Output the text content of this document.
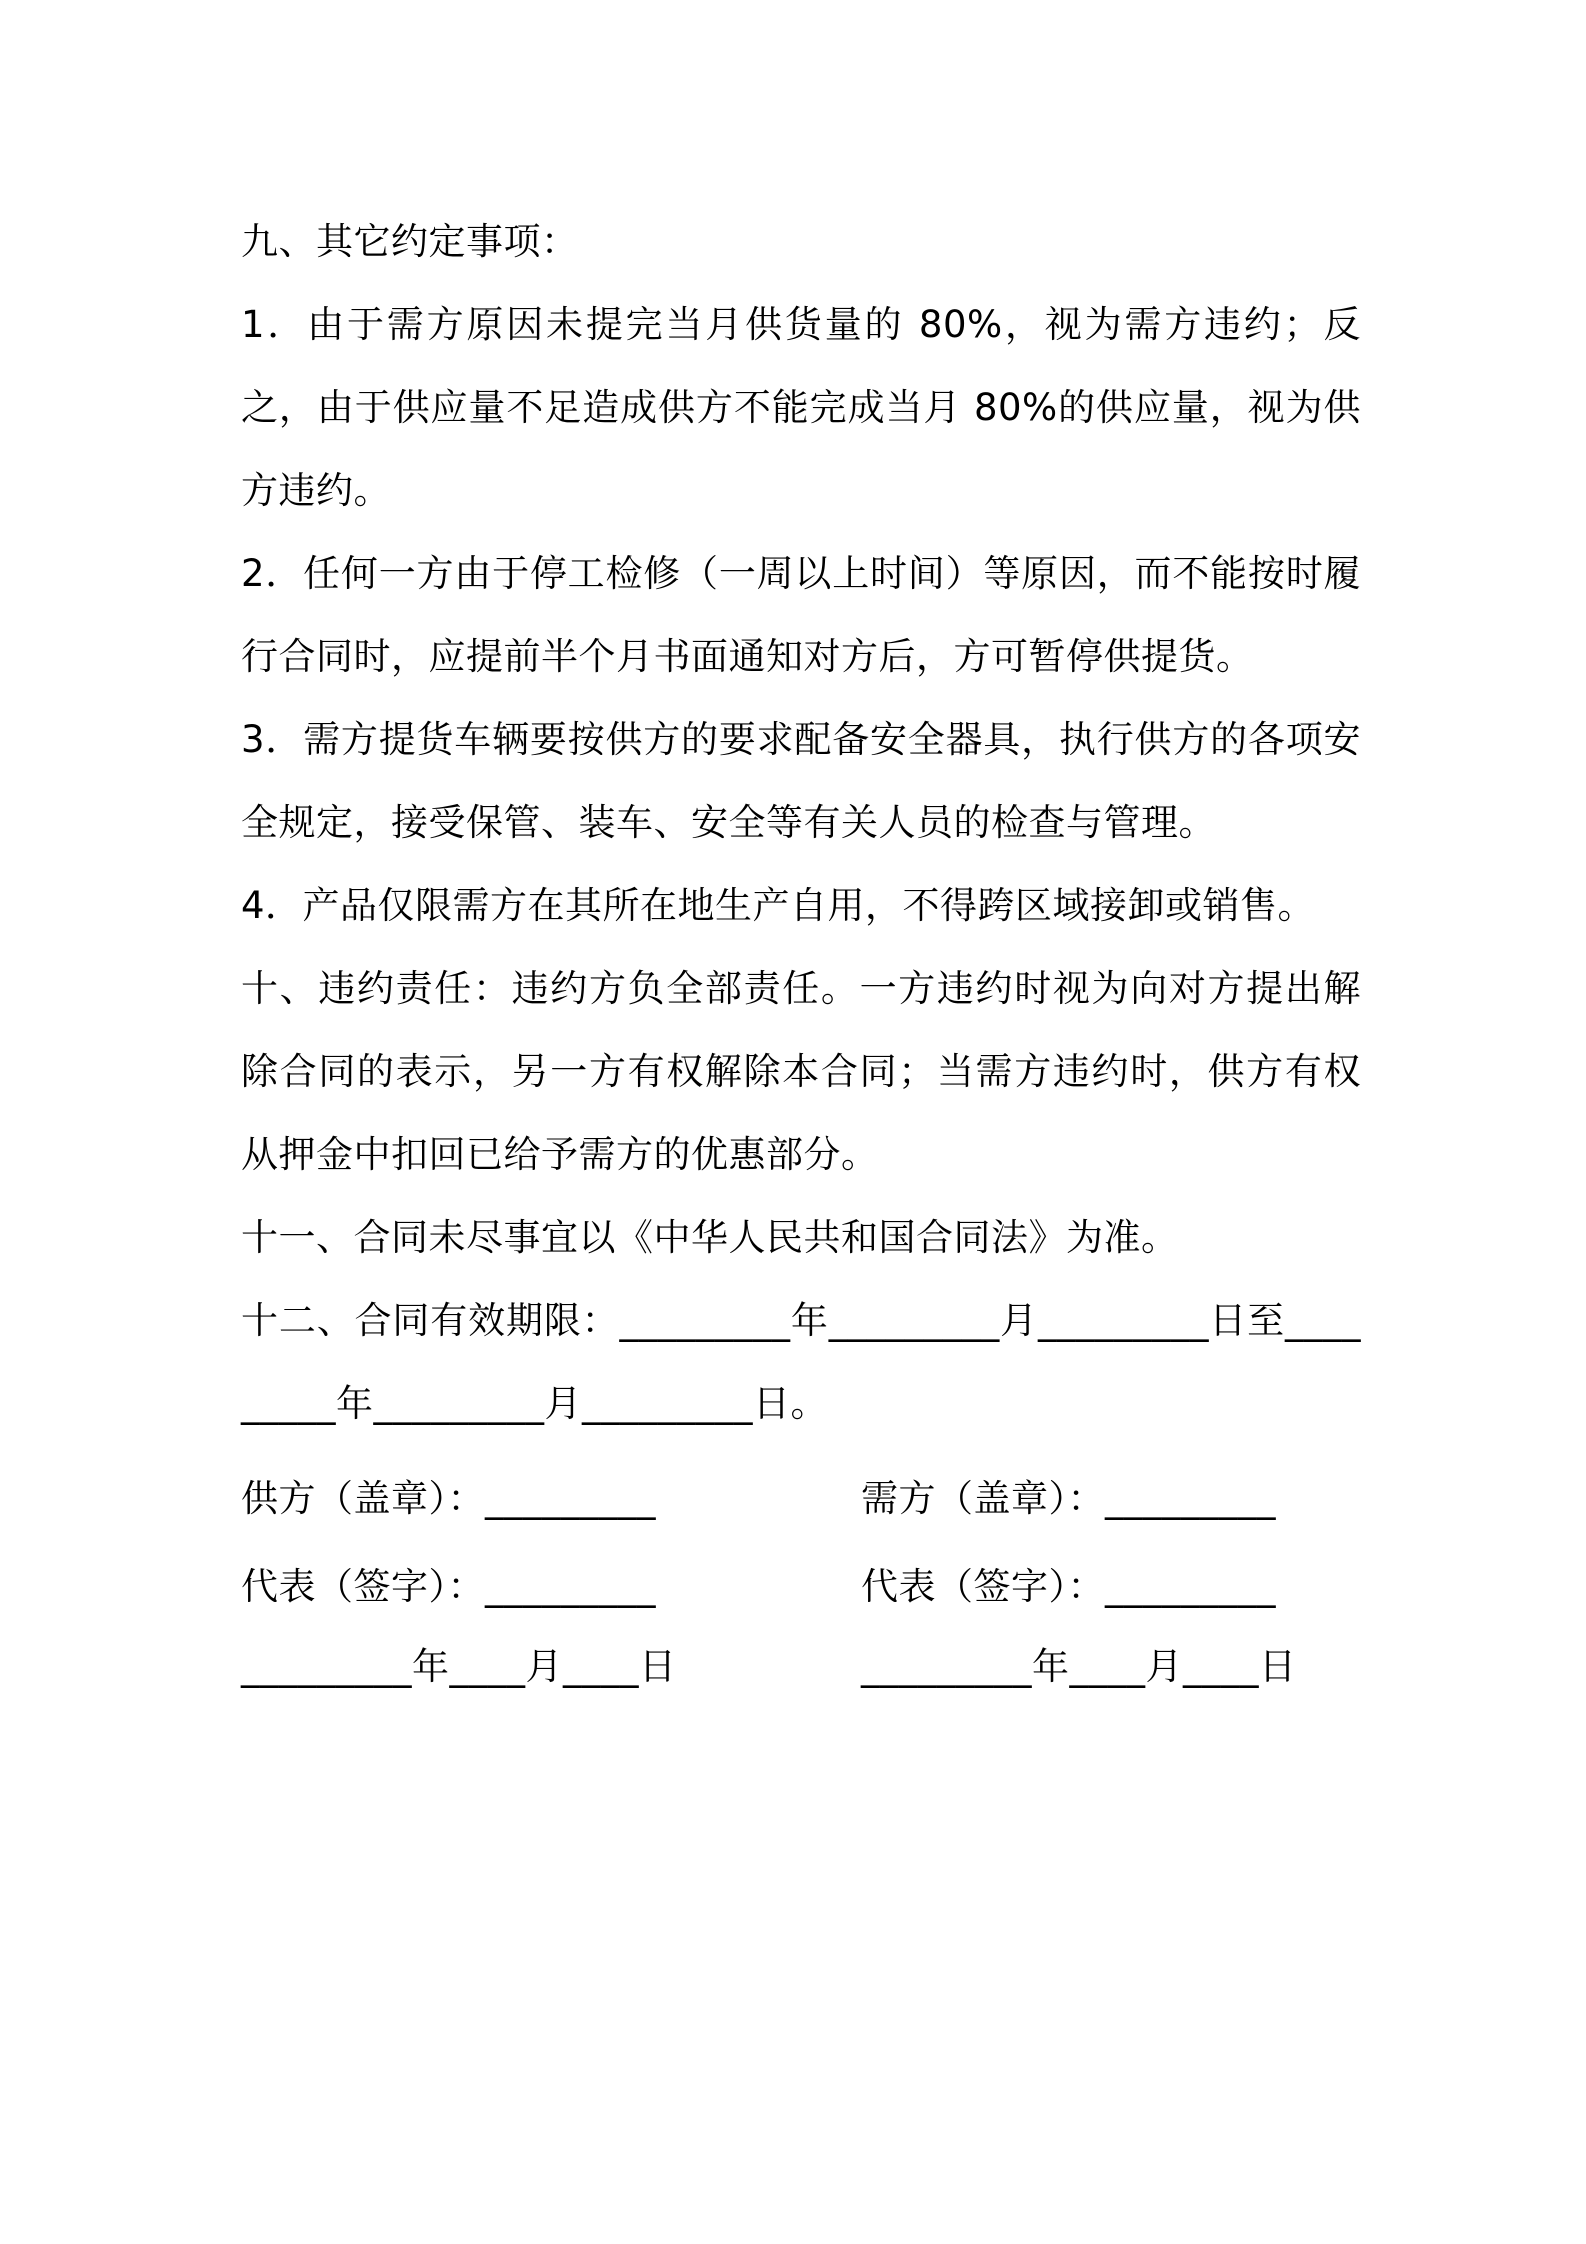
九、其它约定事项：

1．由于需方原因未提完当月供货量的 80%，视为需方违约；反之，由于供应量不足造成供方不能完成当月 80%的供应量，视为供方违约。

2．任何一方由于停工检修（一周以上时间）等原因，而不能按时履行合同时，应提前半个月书面通知对方后，方可暂停供提货。

3．需方提货车辆要按供方的要求配备安全器具，执行供方的各项安全规定，接受保管、装车、安全等有关人员的检查与管理。

4．产品仅限需方在其所在地生产自用，不得跨区域接卸或销售。

十、违约责任：违约方负全部责任。一方违约时视为向对方提出解除合同的表示，另一方有权解除本合同；当需方违约时，供方有权从押金中扣回已给予需方的优惠部分。

十一、合同未尽事宜以《中华人民共和国合同法》为准。

十二、合同有效期限：_________年_________月_________日至_________年_________月_________日。

供方（盖章）：_________	需方（盖章）：_________
代表（签字）：_________	代表（签字）：_________
_________年____月____日	_________年____月____日
